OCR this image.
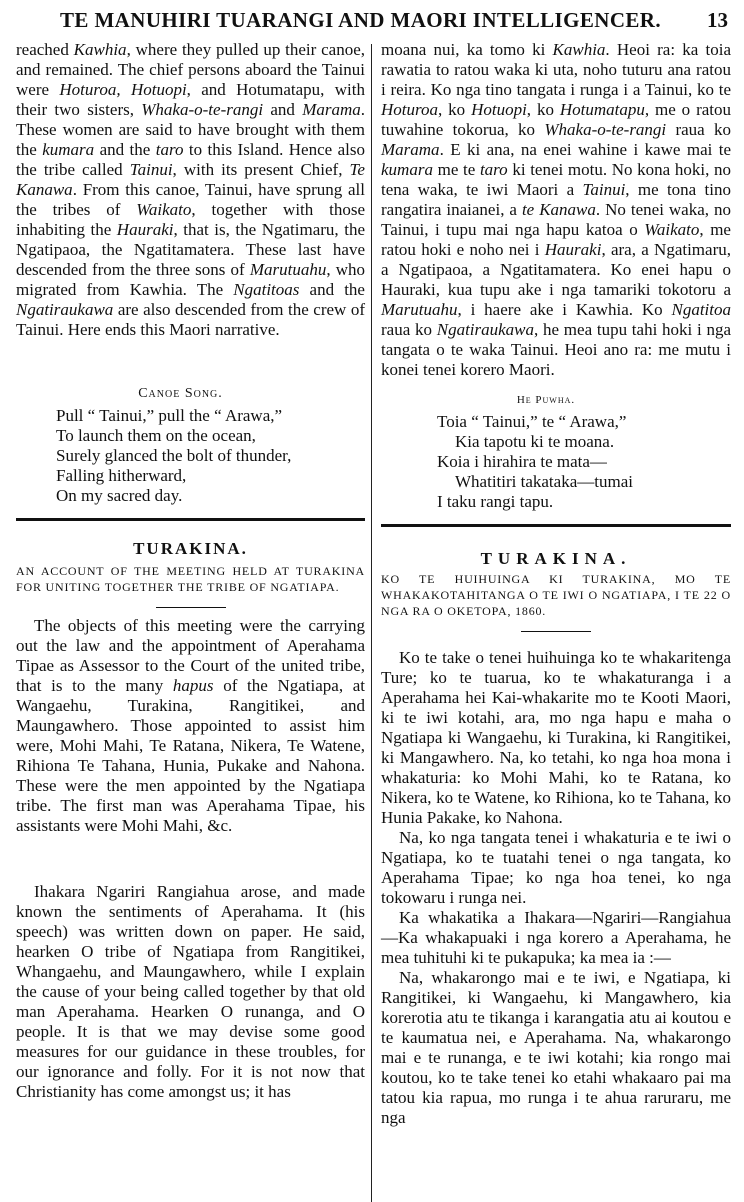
TE MANUHIRI TUARANGI AND MAORI INTELLIGENCER. 13

reached Kawhia, where they pulled up their canoe, and remained. The chief persons aboard the Tainui were Hoturoa, Hotuopi, and Hotumatapu, with their two sisters, Whaka-o-te-rangi and Marama. These women are said to have brought with them the kumara and the taro to this Island. Hence also the tribe called Tainui, with its present Chief, Te Kanawa. From this canoe, Tainui, have sprung all the tribes of Waikato, together with those inhabiting the Hauraki, that is, the Ngatimaru, the Ngatipaoa, the Ngatitamatera. These last have descended from the three sons of Marutuahu, who migrated from Kawhia. The Ngatitoas and the Ngatiraukawa are also descended from the crew of Tainui. Here ends this Maori narrative.

Canoe Song.
Pull “ Tainui,” pull the “ Arawa,”
To launch them on the ocean,
Surely glanced the bolt of thunder,
Falling hitherward,
On my sacred day.
TURAKINA.
AN ACCOUNT OF THE MEETING HELD AT TURAKINA FOR UNITING TOGETHER THE TRIBE OF NGATIAPA.

The objects of this meeting were the carrying out the law and the appointment of Aperahama Tipae as Assessor to the Court of the united tribe, that is to the many hapus of the Ngatiapa, at Wangaehu, Turakina, Rangitikei, and Maungawhero. Those appointed to assist him were, Mohi Mahi, Te Ratana, Nikera, Te Watene, Rihiona Te Tahana, Hunia, Pukake and Nahona. These were the men appointed by the Ngatiapa tribe. The first man was Aperahama Tipae, his assistants were Mohi Mahi, &c.

Ihakara Ngariri Rangiahua arose, and made known the sentiments of Aperahama. It (his speech) was written down on paper. He said, hearken O tribe of Ngatiapa from Rangitikei, Whangaehu, and Maungawhero, while I explain the cause of your being called together by that old man Aperahama. Hearken O runanga, and O people. It is that we may devise some good measures for our guidance in these troubles, for our ignorance and folly. For it is not now that Christianity has come amongst us; it has

moana nui, ka tomo ki Kawhia. Heoi ra: ka toia rawatia to ratou waka ki uta, noho tuturu ana ratou i reira. Ko nga tino tangata i runga i a Tainui, ko te Hoturoa, ko Hotuopi, ko Hotumatapu, me o ratou tuwahine tokorua, ko Whaka-o-te-rangi raua ko Marama. E ki ana, na enei wahine i kawe mai te kumara me te taro ki tenei motu. No kona hoki, no tena waka, te iwi Maori a Tainui, me tona tino rangatira inaianei, a te Kanawa. No tenei waka, no Tainui, i tupu mai nga hapu katoa o Waikato, me ratou hoki e noho nei i Hauraki, ara, a Ngatimaru, a Ngatipaoa, a Ngatitamatera. Ko enei hapu o Hauraki, kua tupu ake i nga tamariki tokotoru a Marutuahu, i haere ake i Kawhia. Ko Ngatitoa raua ko Ngatiraukawa, he mea tupu tahi hoki i nga tangata o te waka Tainui. Heoi ano ra: me mutu i konei tenei korero Maori.

He Puwha.
Toia “ Tainui,” te “ Arawa,”
Kia tapotu ki te moana.
Koia i hirahira te mata—
Whatitiri takataka—tumai
I taku rangi tapu.
TURAKINA.
KO TE HUIHUINGA KI TURAKINA, MO TE WHAKAKOTAHITANGA O TE IWI O NGATIAPA, I TE 22 O NGA RA O OKETOPA, 1860.

Ko te take o tenei huihuinga ko te whakaritenga Ture; ko te tuarua, ko te whakaturanga i a Aperahama hei Kai-whakarite mo te Kooti Maori, ki te iwi kotahi, ara, mo nga hapu e maha o Ngatiapa ki Wangaehu, ki Turakina, ki Rangitikei, ki Mangawhero. Na, ko tetahi, ko nga hoa mona i whakaturia: ko Mohi Mahi, ko te Ratana, ko Nikera, ko te Watene, ko Rihiona, ko te Tahana, ko Hunia Pakake, ko Nahona.

Na, ko nga tangata tenei i whakaturia e te iwi o Ngatiapa, ko te tuatahi tenei o nga tangata, ko Aperahama Tipae; ko nga hoa tenei, ko nga tokowaru i runga nei.

Ka whakatika a Ihakara—Ngariri—Rangiahua—Ka whakapuaki i nga korero a Aperahama, he mea tuhituhi ki te pukapuka; ka mea ia :—

Na, whakarongo mai e te iwi, e Ngatiapa, ki Rangitikei, ki Wangaehu, ki Mangawhero, kia korerotia atu te tikanga i karangatia atu ai koutou e te kaumatua nei, e Aperahama. Na, whakarongo mai e te runanga, e te iwi kotahi; kia rongo mai koutou, ko te take tenei ko etahi whakaaro pai ma tatou kia rapua, mo runga i te ahua raruraru, me nga
